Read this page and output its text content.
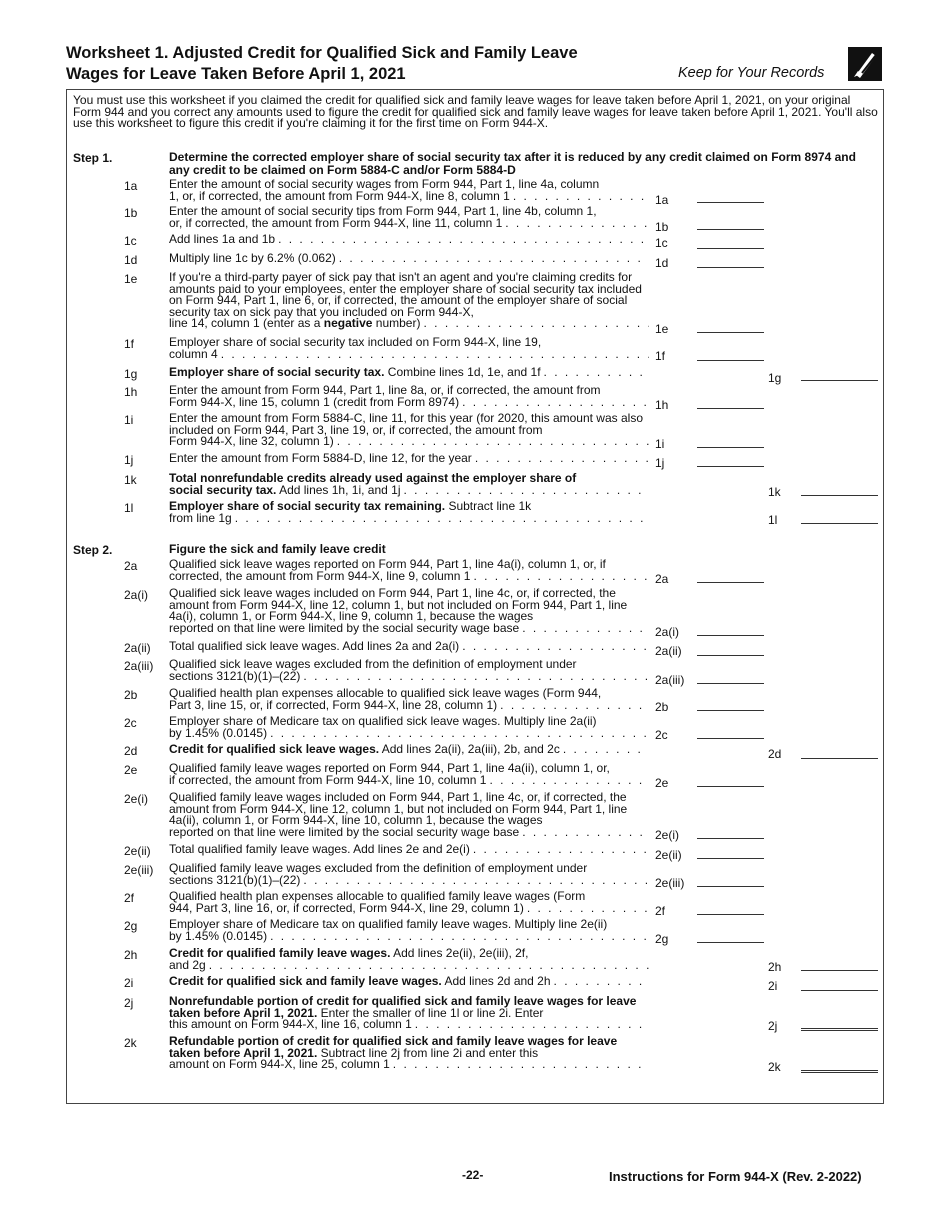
Worksheet 1. Adjusted Credit for Qualified Sick and Family Leave
Wages for Leave Taken Before April 1, 2021	Keep for Your Records
You must use this worksheet if you claimed the credit for qualified sick and family leave wages for leave taken before April 1, 2021, on your original Form 944 and you correct any amounts used to figure the credit for qualified sick and family leave wages for leave taken before April 1, 2021. You'll also use this worksheet to figure this credit if you're claiming it for the first time on Form 944-X.
Step 1.	Determine the corrected employer share of social security tax after it is reduced by any credit claimed on Form 8974 and any credit to be claimed on Form 5884-C and/or Form 5884-D
1a	Enter the amount of social security wages from Form 944, Part 1, line 4a, column
1, or, if corrected, the amount from Form 944-X, line 8, column 1 . . .	1a
1b	Enter the amount of social security tips from Form 944, Part 1, line 4b, column 1,
or, if corrected, the amount from Form 944-X, line 11, column 1 . . .	1b
1c	Add lines 1a and 1b . . .	1c
1d	Multiply line 1c by 6.2% (0.062) . . .	1d
1e	If you're a third-party payer of sick pay that isn't an agent and you're claiming credits for amounts paid to your employees, enter the employer share of social security tax included on Form 944, Part 1, line 6, or, if corrected, the amount of the employer share of social security tax on sick pay that you included on Form 944-X,
line 14, column 1 (enter as a negative number) . . .	1e
1f	Employer share of social security tax included on Form 944-X, line 19,
column 4 . . .	1f
1g	Employer share of social security tax. Combine lines 1d, 1e, and 1f . . .	1g
1h	Enter the amount from Form 944, Part 1, line 8a, or, if corrected, the amount from
Form 944-X, line 15, column 1 (credit from Form 8974) . . .	1h
1i	Enter the amount from Form 5884-C, line 11, for this year (for 2020, this amount was also included on Form 944, Part 3, line 19, or, if corrected, the amount from
Form 944-X, line 32, column 1) . . .	1i
1j	Enter the amount from Form 5884-D, line 12, for the year . . .	1j
1k	Total nonrefundable credits already used against the employer share of
social security tax. Add lines 1h, 1i, and 1j . . .	1k
1l	Employer share of social security tax remaining. Subtract line 1k
from line 1g . . .	1l
Step 2.	Figure the sick and family leave credit
2a	Qualified sick leave wages reported on Form 944, Part 1, line 4a(i), column 1, or, if
corrected, the amount from Form 944-X, line 9, column 1 . . .	2a
2a(i) Qualified sick leave wages included on Form 944, Part 1, line 4c, or, if corrected, the amount from Form 944-X, line 12, column 1, but not included on Form 944, Part 1, line 4a(i), column 1, or Form 944-X, line 9, column 1, because the wages
reported on that line were limited by the social security wage base . . .	2a(i)
2a(ii) Total qualified sick leave wages. Add lines 2a and 2a(i) . . .	2a(ii)
2a(iii) Qualified sick leave wages excluded from the definition of employment under
sections 3121(b)(1)–(22) . . .	2a(iii)
2b	Qualified health plan expenses allocable to qualified sick leave wages (Form 944,
Part 3, line 15, or, if corrected, Form 944-X, line 28, column 1) . . .	2b
2c	Employer share of Medicare tax on qualified sick leave wages. Multiply line 2a(ii)
by 1.45% (0.0145) . . .	2c
2d	Credit for qualified sick leave wages. Add lines 2a(ii), 2a(iii), 2b, and 2c . . .	2d
2e	Qualified family leave wages reported on Form 944, Part 1, line 4a(ii), column 1, or,
if corrected, the amount from Form 944-X, line 10, column 1 . . .	2e
2e(i) Qualified family leave wages included on Form 944, Part 1, line 4c, or, if corrected, the amount from Form 944-X, line 12, column 1, but not included on Form 944, Part 1, line 4a(ii), column 1, or Form 944-X, line 10, column 1, because the wages
reported on that line were limited by the social security wage base . . .	2e(i)
2e(ii) Total qualified family leave wages. Add lines 2e and 2e(i) . . .	2e(ii)
2e(iii) Qualified family leave wages excluded from the definition of employment under
sections 3121(b)(1)–(22) . . .	2e(iii)
2f	Qualified health plan expenses allocable to qualified family leave wages (Form
944, Part 3, line 16, or, if corrected, Form 944-X, line 29, column 1) . . .	2f
2g	Employer share of Medicare tax on qualified family leave wages. Multiply line 2e(ii)
by 1.45% (0.0145) . . .	2g
2h	Credit for qualified family leave wages. Add lines 2e(ii), 2e(iii), 2f,
and 2g . . .	2h
2i	Credit for qualified sick and family leave wages. Add lines 2d and 2h . . .	2i
2j	Nonrefundable portion of credit for qualified sick and family leave wages for leave taken before April 1, 2021. Enter the smaller of line 1l or line 2i. Enter
this amount on Form 944-X, line 16, column 1 . . .	2j
2k	Refundable portion of credit for qualified sick and family leave wages for leave taken before April 1, 2021. Subtract line 2j from line 2i and enter this
amount on Form 944-X, line 25, column 1 . . .	2k
-22-	Instructions for Form 944-X (Rev. 2-2022)
